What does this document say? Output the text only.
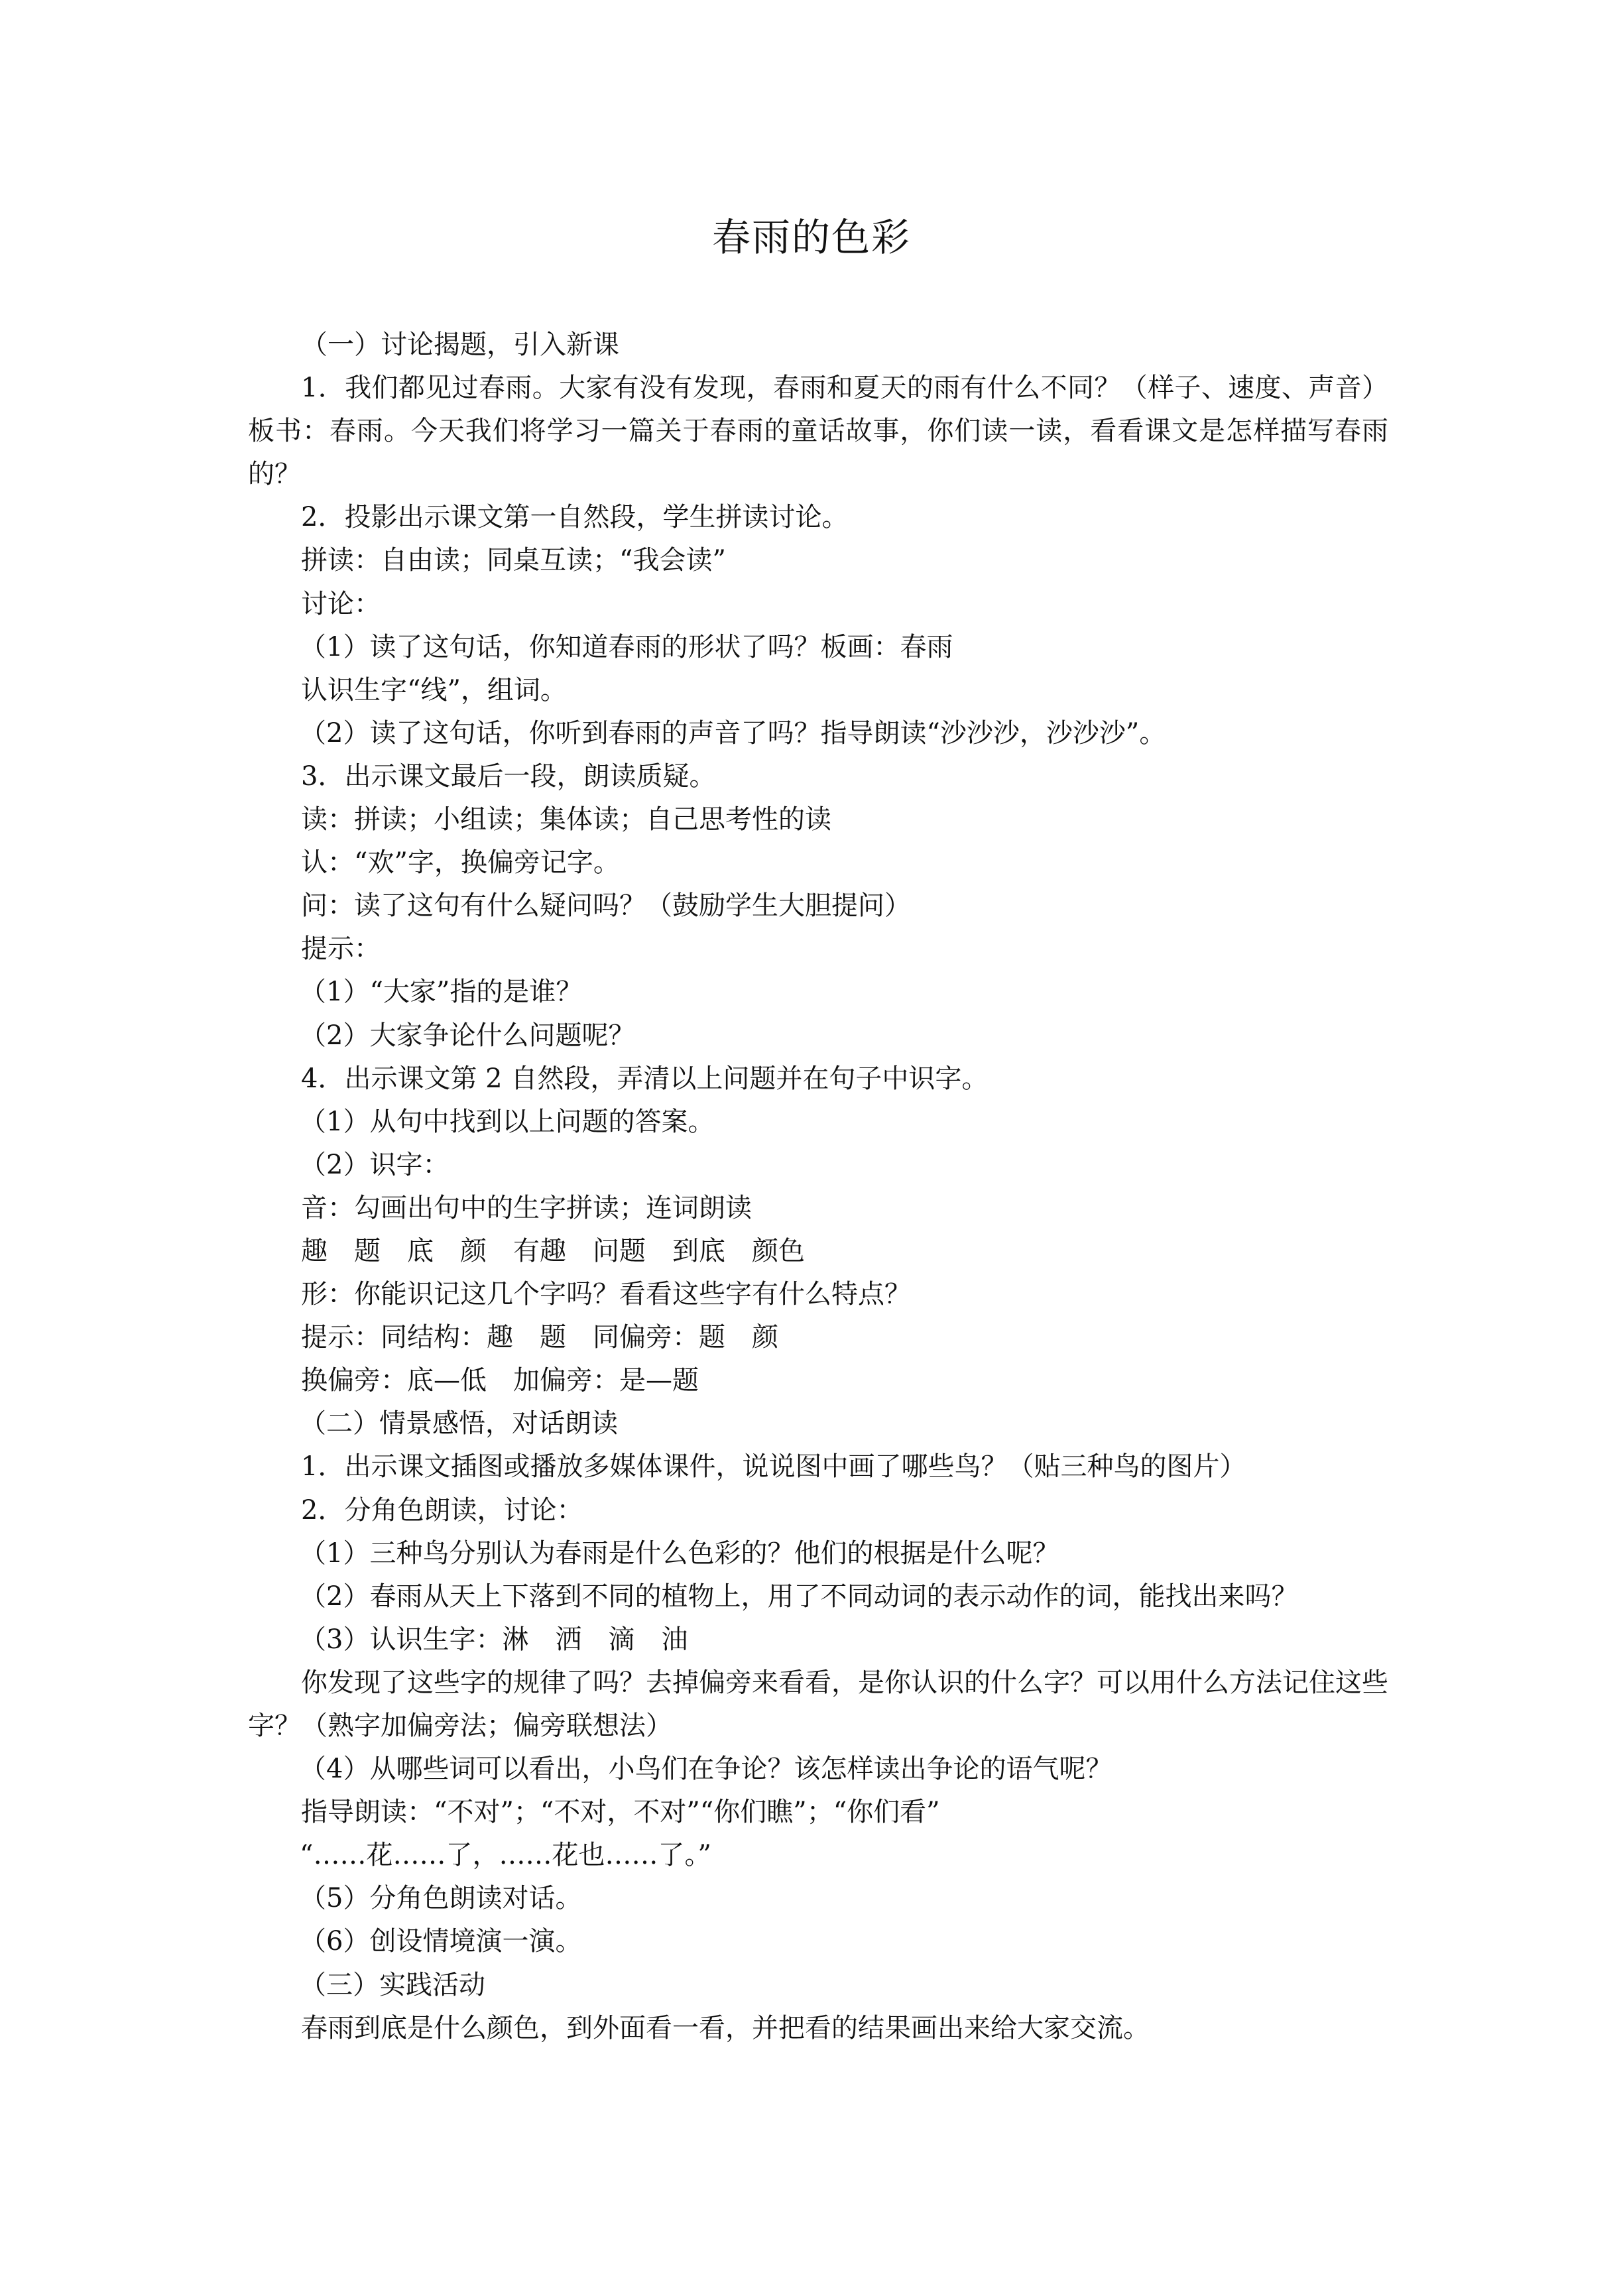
春雨的色彩
（一）讨论揭题，引入新课
1．我们都见过春雨。大家有没有发现，春雨和夏天的雨有什么不同？（样子、速度、声音）板书：春雨。今天我们将学习一篇关于春雨的童话故事，你们读一读，看看课文是怎样描写春雨的？
2．投影出示课文第一自然段，学生拼读讨论。
拼读：自由读；同桌互读；“我会读”
讨论：
（1）读了这句话，你知道春雨的形状了吗？板画：春雨
认识生字“线”，组词。
（2）读了这句话，你听到春雨的声音了吗？指导朗读“沙沙沙，沙沙沙”。
3．出示课文最后一段，朗读质疑。
读：拼读；小组读；集体读；自己思考性的读
认：“欢”字，换偏旁记字。
问：读了这句有什么疑问吗？（鼓励学生大胆提问）
提示：
（1）“大家”指的是谁？
（2）大家争论什么问题呢？
4．出示课文第 2 自然段，弄清以上问题并在句子中识字。
（1）从句中找到以上问题的答案。
（2）识字：
音：勾画出句中的生字拼读；连词朗读
趣　题　底　颜　有趣　问题　到底　颜色
形：你能识记这几个字吗？看看这些字有什么特点？
提示：同结构：趣　题　同偏旁：题　颜
换偏旁：底—低　加偏旁：是—题
（二）情景感悟，对话朗读
1．出示课文插图或播放多媒体课件，说说图中画了哪些鸟？（贴三种鸟的图片）
2．分角色朗读，讨论：
（1）三种鸟分别认为春雨是什么色彩的？他们的根据是什么呢？
（2）春雨从天上下落到不同的植物上，用了不同动词的表示动作的词，能找出来吗？
（3）认识生字：淋　洒　滴　油
你发现了这些字的规律了吗？去掉偏旁来看看，是你认识的什么字？可以用什么方法记住这些字？（熟字加偏旁法；偏旁联想法）
（4）从哪些词可以看出，小鸟们在争论？该怎样读出争论的语气呢？
指导朗读：“不对”；“不对，不对”“你们瞧”；“你们看”
“……花……了，……花也……了。”
（5）分角色朗读对话。
（6）创设情境演一演。
（三）实践活动
春雨到底是什么颜色，到外面看一看，并把看的结果画出来给大家交流。
